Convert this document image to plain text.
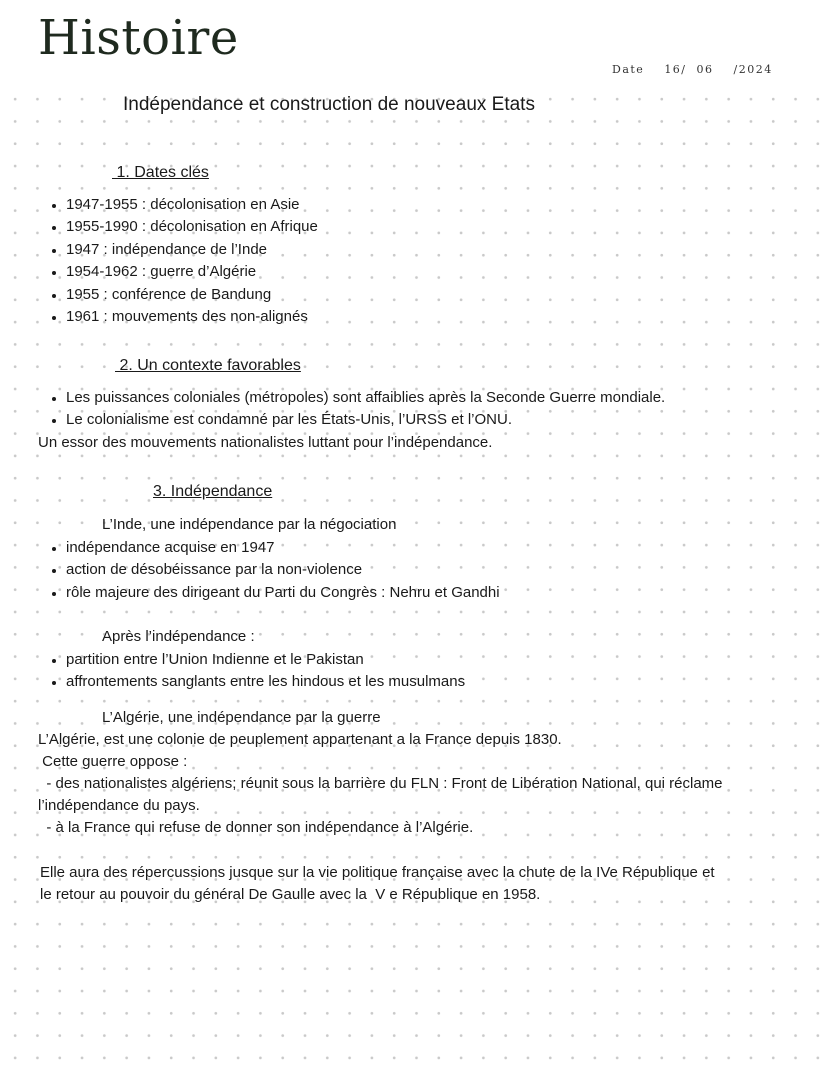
Histoire
Date 16/ 06 /2024
Indépendance et construction de nouveaux Etats
1. Dates clés
1947-1955 : décolonisation en Asie
1955-1990 : décolonisation en Afrique
1947 : indépendance de l’Inde
1954-1962 : guerre d’Algérie
1955 : conférence de Bandung
1961 : mouvements des non-alignés
2. Un contexte favorables
Les puissances coloniales (métropoles) sont affaiblies après la Seconde Guerre mondiale.
Le colonialisme est condamné par les États-Unis, l’URSS et l’ONU.

Un essor des mouvements nationalistes luttant pour l’indépendance.

3. Indépendance

L’Inde, une indépendance par la négociation

indépendance acquise en 1947
action de désobéissance par la non-violence
rôle majeure des dirigeant du Parti du Congrès : Nehru et Gandhi

Après l’indépendance :

partition entre l’Union Indienne et le Pakistan
affrontements sanglants entre les hindous et les musulmans

L’Algérie, une indépendance par la guerre

L’Algérie, est une colonie de peuplement appartenant a la France depuis 1830.

Cette guerre oppose :

- des nationalistes algériens; réunit sous la barrière du FLN : Front de Libération National, qui réclame

l’indépendance du pays.

- à la France qui refuse de donner son indépendance à l’Algérie.

Elle aura des répercussions jusque sur la vie politique française avec la chute de la IVe République et

le retour au pouvoir du général De Gaulle avec la  V e République en 1958.
